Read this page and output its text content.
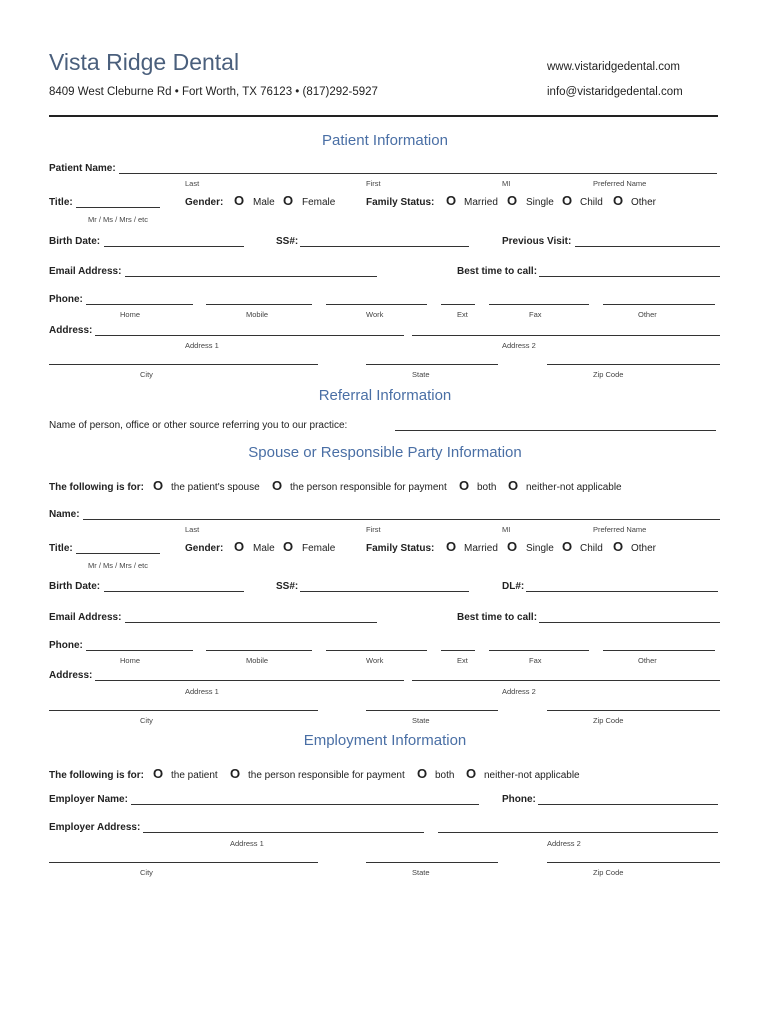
Vista Ridge Dental
8409 West Cleburne Rd • Fort Worth, TX 76123 • (817)292-5927
www.vistaridgedental.com
info@vistaridgedental.com
Patient Information
Patient Name:
Last	First	MI	Preferred Name
Title:
Mr / Ms / Mrs / etc
Gender: O Male O Female	Family Status: O Married O Single O Child O Other
Birth Date:	SS#:	Previous Visit:
Email Address:	Best time to call:
Phone:
Home	Mobile	Work	Ext	Fax	Other
Address:
Address 1	Address 2
City	State	Zip Code
Referral Information
Name of person, office or other source referring you to our practice:
Spouse or Responsible Party Information
The following is for: O the patient's spouse O the person responsible for payment O both O neither-not applicable
Name:
Last	First	MI	Preferred Name
Title:
Mr / Ms / Mrs / etc
Gender: O Male O Female	Family Status: O Married O Single O Child O Other
Birth Date:	SS#:	DL#:
Email Address:	Best time to call:
Phone:
Home	Mobile	Work	Ext	Fax	Other
Address:
Address 1	Address 2
City	State	Zip Code
Employment Information
The following is for: O the patient O the person responsible for payment O both O neither-not applicable
Employer Name:	Phone:
Employer Address:
Address 1	Address 2
City	State	Zip Code
